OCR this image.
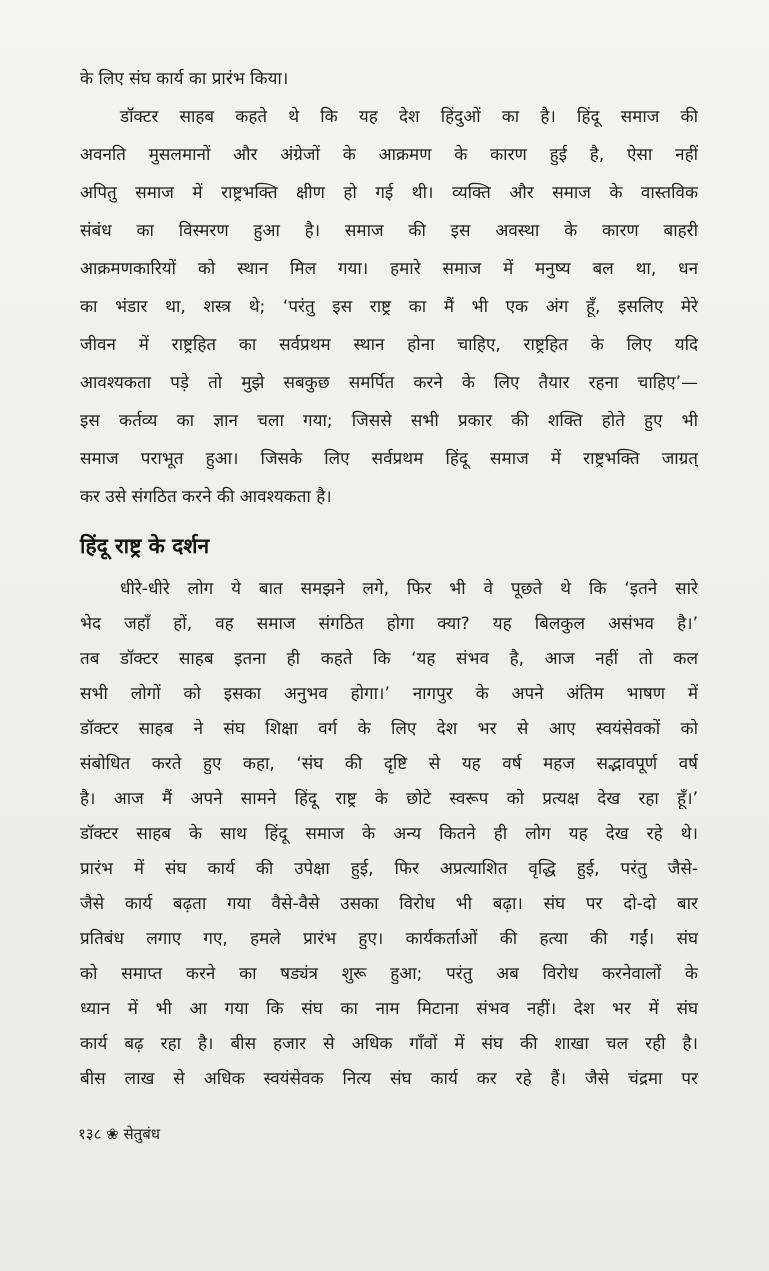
के लिए संघ कार्य का प्रारंभ किया।
डॉक्टर साहब कहते थे कि यह देश हिंदुओं का है। हिंदू समाज की
अवनति मुसलमानों और अंग्रेजों के आक्रमण के कारण हुई है, ऐसा नहीं
अपितु समाज में राष्ट्रभक्ति क्षीण हो गई थी। व्यक्ति और समाज के वास्तविक
संबंध का विस्मरण हुआ है। समाज की इस अवस्था के कारण बाहरी
आक्रमणकारियों को स्थान मिल गया। हमारे समाज में मनुष्य बल था, धन
का भंडार था, शस्त्र थे; ‘परंतु इस राष्ट्र का मैं भी एक अंग हूँ, इसलिए मेरे
जीवन में राष्ट्रहित का सर्वप्रथम स्थान होना चाहिए, राष्ट्रहित के लिए यदि
आवश्यकता पड़े तो मुझे सबकुछ समर्पित करने के लिए तैयार रहना चाहिए’—
इस कर्तव्य का ज्ञान चला गया; जिससे सभी प्रकार की शक्ति होते हुए भी
समाज पराभूत हुआ। जिसके लिए सर्वप्रथम हिंदू समाज में राष्ट्रभक्ति जाग्रत्
कर उसे संगठित करने की आवश्यकता है।
हिंदू राष्ट्र के दर्शन
धीरे-धीरे लोग ये बात समझने लगे, फिर भी वे पूछते थे कि ‘इतने सारे
भेद जहाँ हों, वह समाज संगठित होगा क्या? यह बिलकुल असंभव है।’
तब डॉक्टर साहब इतना ही कहते कि ‘यह संभव है, आज नहीं तो कल
सभी लोगों को इसका अनुभव होगा।’ नागपुर के अपने अंतिम भाषण में
डॉक्टर साहब ने संघ शिक्षा वर्ग के लिए देश भर से आए स्वयंसेवकों को
संबोधित करते हुए कहा, ‘संघ की दृष्टि से यह वर्ष महज सद्भावपूर्ण वर्ष
है। आज मैं अपने सामने हिंदू राष्ट्र के छोटे स्वरूप को प्रत्यक्ष देख रहा हूँ।’
डॉक्टर साहब के साथ हिंदू समाज के अन्य कितने ही लोग यह देख रहे थे।
प्रारंभ में संघ कार्य की उपेक्षा हुई, फिर अप्रत्याशित वृद्धि हुई, परंतु जैसे-
जैसे कार्य बढ़ता गया वैसे-वैसे उसका विरोध भी बढ़ा। संघ पर दो-दो बार
प्रतिबंध लगाए गए, हमले प्रारंभ हुए। कार्यकर्ताओं की हत्या की गईं। संघ
को समाप्त करने का षड्यंत्र शुरू हुआ; परंतु अब विरोध करनेवालों के
ध्यान में भी आ गया कि संघ का नाम मिटाना संभव नहीं। देश भर में संघ
कार्य बढ़ रहा है। बीस हजार से अधिक गाँवों में संघ की शाखा चल रही है।
बीस लाख से अधिक स्वयंसेवक नित्य संघ कार्य कर रहे हैं। जैसे चंद्रमा पर
१३८ ❀ सेतुबंध
